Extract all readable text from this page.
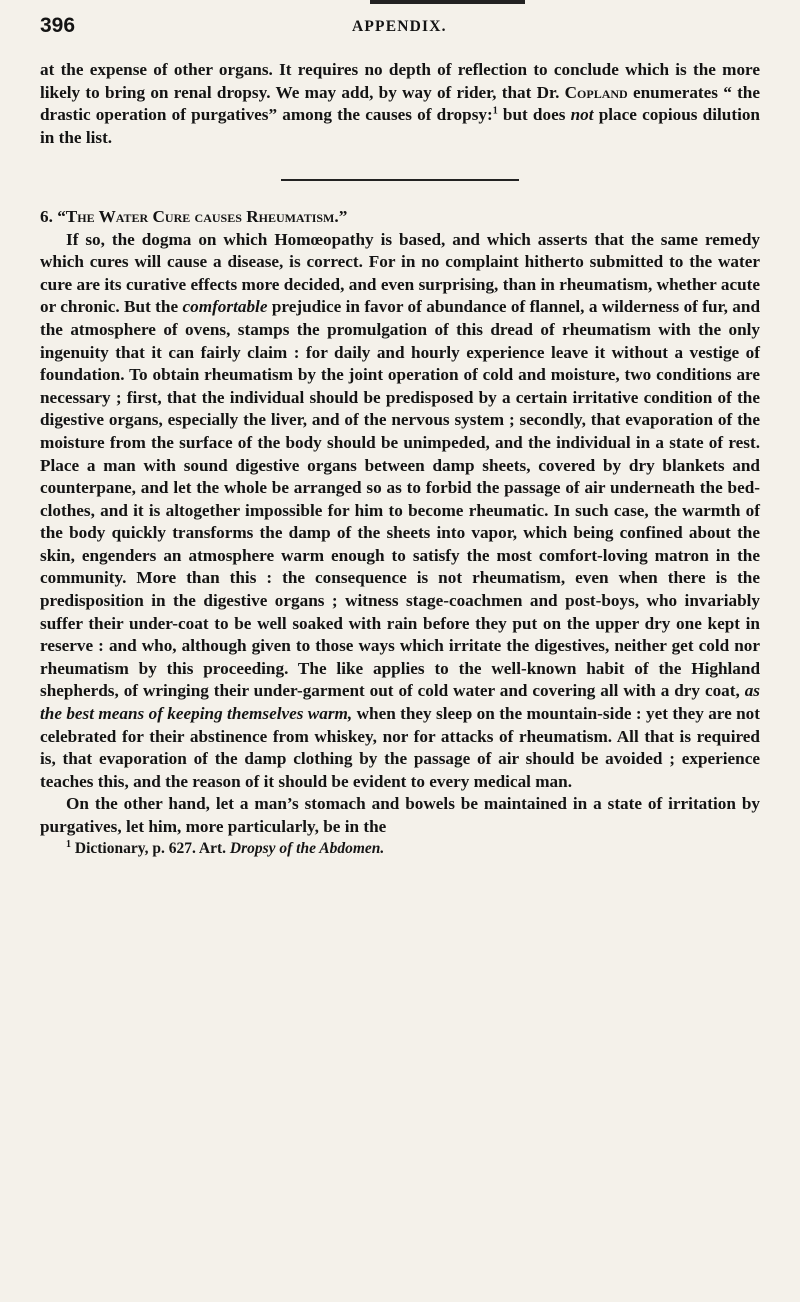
396	APPENDIX.

at the expense of other organs. It requires no depth of reflection to conclude which is the more likely to bring on renal dropsy. We may add, by way of rider, that Dr. Copland enumerates “ the drastic operation of purgatives” among the causes of dropsy:$^1$ but does not place copious dilution in the list.

6. “The Water Cure causes Rheumatism.”

If so, the dogma on which Homœopathy is based, and which asserts that the same remedy which cures will cause a disease, is correct. For in no complaint hitherto submitted to the water cure are its curative effects more decided, and even surprising, than in rheumatism, whether acute or chronic. But the comfortable prejudice in favor of abundance of flannel, a wilderness of fur, and the atmosphere of ovens, stamps the promulgation of this dread of rheumatism with the only ingenuity that it can fairly claim : for daily and hourly experience leave it without a vestige of foundation. To obtain rheumatism by the joint operation of cold and moisture, two conditions are necessary ; first, that the individual should be predisposed by a certain irritative condition of the digestive organs, especially the liver, and of the nervous system ; secondly, that evaporation of the moisture from the surface of the body should be unimpeded, and the individual in a state of rest. Place a man with sound digestive organs between damp sheets, covered by dry blankets and counterpane, and let the whole be arranged so as to forbid the passage of air underneath the bed-clothes, and it is altogether impossible for him to become rheumatic. In such case, the warmth of the body quickly transforms the damp of the sheets into vapor, which being confined about the skin, engenders an atmosphere warm enough to satisfy the most comfort-loving matron in the community. More than this : the consequence is not rheumatism, even when there is the predisposition in the digestive organs ; witness stage-coachmen and post-boys, who invariably suffer their under-coat to be well soaked with rain before they put on the upper dry one kept in reserve : and who, although given to those ways which irritate the digestives, neither get cold nor rheumatism by this proceeding. The like applies to the well-known habit of the Highland shepherds, of wringing their under-garment out of cold water and covering all with a dry coat, as the best means of keeping themselves warm, when they sleep on the mountain-side : yet they are not celebrated for their abstinence from whiskey, nor for attacks of rheumatism. All that is required is, that evaporation of the damp clothing by the passage of air should be avoided ; experience teaches this, and the reason of it should be evident to every medical man.

On the other hand, let a man’s stomach and bowels be maintained in a state of irritation by purgatives, let him, more particularly, be in the

$^1$ Dictionary, p. 627. Art. Dropsy of the Abdomen.
